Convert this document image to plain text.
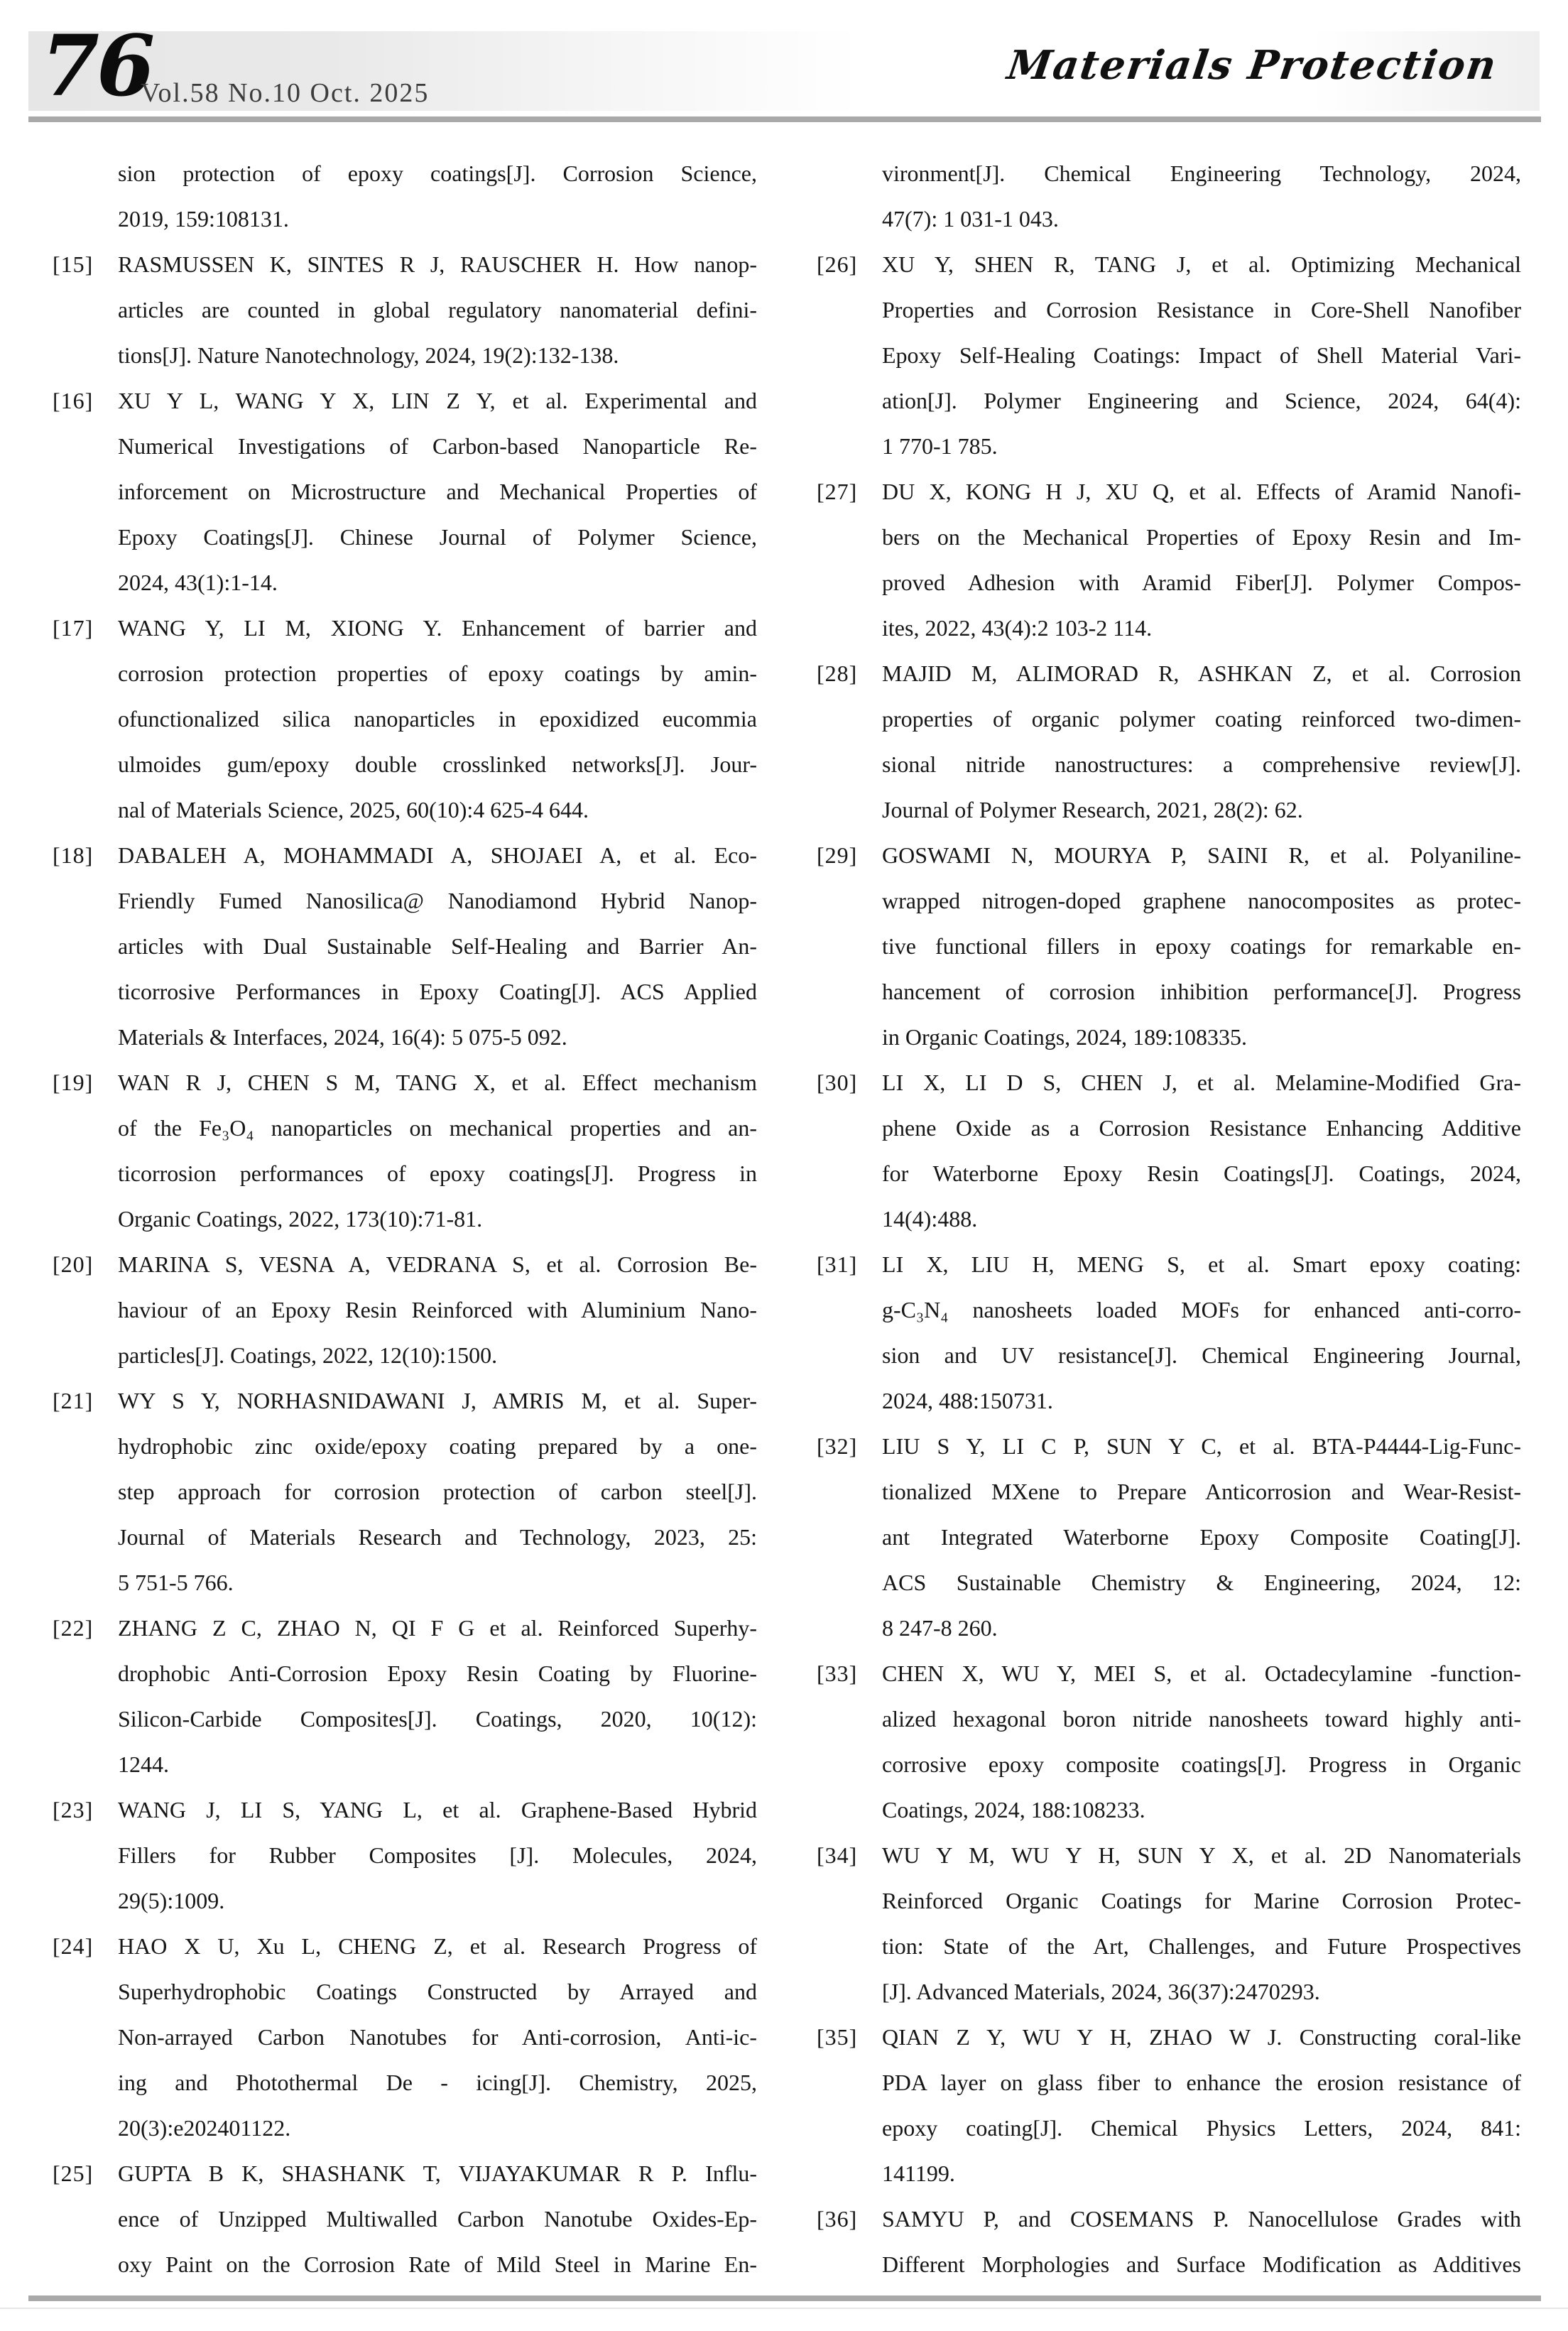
76
Vol.58 No.10 Oct. 2025
Materials Protection
sion protection of epoxy coatings[J]. Corrosion Science,
2019, 159:108131.
[15]	RASMUSSEN K, SINTES R J, RAUSCHER H. How nanop-
articles are counted in global regulatory nanomaterial defini-
tions[J]. Nature Nanotechnology, 2024, 19(2):132-138.
[16]	XU Y L, WANG Y X, LIN Z Y, et al. Experimental and
Numerical Investigations of Carbon-based Nanoparticle Re-
inforcement on Microstructure and Mechanical Properties of
Epoxy Coatings[J]. Chinese Journal of Polymer Science,
2024, 43(1):1-14.
[17]	WANG Y, LI M, XIONG Y. Enhancement of barrier and
corrosion protection properties of epoxy coatings by amin-
ofunctionalized silica nanoparticles in epoxidized eucommia
ulmoides gum/epoxy double crosslinked networks[J]. Jour-
nal of Materials Science, 2025, 60(10):4 625-4 644.
[18]	DABALEH A, MOHAMMADI A, SHOJAEI A, et al. Eco-
Friendly Fumed Nanosilica@ Nanodiamond Hybrid Nanop-
articles with Dual Sustainable Self-Healing and Barrier An-
ticorrosive Performances in Epoxy Coating[J]. ACS Applied
Materials & Interfaces, 2024, 16(4): 5 075-5 092.
[19]	WAN R J, CHEN S M, TANG X, et al. Effect mechanism
of the Fe₃O₄ nanoparticles on mechanical properties and an-
ticorrosion performances of epoxy coatings[J]. Progress in
Organic Coatings, 2022, 173(10):71-81.
[20]	MARINA S, VESNA A, VEDRANA S, et al. Corrosion Be-
haviour of an Epoxy Resin Reinforced with Aluminium Nano-
particles[J]. Coatings, 2022, 12(10):1500.
[21]	WY S Y, NORHASNIDAWANI J, AMRIS M, et al. Super-
hydrophobic zinc oxide/epoxy coating prepared by a one-
step approach for corrosion protection of carbon steel[J].
Journal of Materials Research and Technology, 2023, 25:
5 751-5 766.
[22]	ZHANG Z C, ZHAO N, QI F G et al. Reinforced Superhy-
drophobic Anti-Corrosion Epoxy Resin Coating by Fluorine-
Silicon-Carbide Composites[J]. Coatings, 2020, 10(12):
1244.
[23]	WANG J, LI S, YANG L, et al. Graphene-Based Hybrid
Fillers for Rubber Composites [J]. Molecules, 2024,
29(5):1009.
[24]	HAO X U, Xu L, CHENG Z, et al. Research Progress of
Superhydrophobic Coatings Constructed by Arrayed and
Non-arrayed Carbon Nanotubes for Anti-corrosion, Anti-ic-
ing and Photothermal De - icing[J]. Chemistry, 2025,
20(3):e202401122.
[25]	GUPTA B K, SHASHANK T, VIJAYAKUMAR R P. Influ-
ence of Unzipped Multiwalled Carbon Nanotube Oxides-Ep-
oxy Paint on the Corrosion Rate of Mild Steel in Marine En-
vironment[J]. Chemical Engineering Technology, 2024,
47(7): 1 031-1 043.
[26]	XU Y, SHEN R, TANG J, et al. Optimizing Mechanical
Properties and Corrosion Resistance in Core-Shell Nanofiber
Epoxy Self-Healing Coatings: Impact of Shell Material Vari-
ation[J]. Polymer Engineering and Science, 2024, 64(4):
1 770-1 785.
[27]	DU X, KONG H J, XU Q, et al. Effects of Aramid Nanofi-
bers on the Mechanical Properties of Epoxy Resin and Im-
proved Adhesion with Aramid Fiber[J]. Polymer Compos-
ites, 2022, 43(4):2 103-2 114.
[28]	MAJID M, ALIMORAD R, ASHKAN Z, et al. Corrosion
properties of organic polymer coating reinforced two-dimen-
sional nitride nanostructures: a comprehensive review[J].
Journal of Polymer Research, 2021, 28(2): 62.
[29]	GOSWAMI N, MOURYA P, SAINI R, et al. Polyaniline-
wrapped nitrogen-doped graphene nanocomposites as protec-
tive functional fillers in epoxy coatings for remarkable en-
hancement of corrosion inhibition performance[J]. Progress
in Organic Coatings, 2024, 189:108335.
[30]	LI X, LI D S, CHEN J, et al. Melamine-Modified Gra-
phene Oxide as a Corrosion Resistance Enhancing Additive
for Waterborne Epoxy Resin Coatings[J]. Coatings, 2024,
14(4):488.
[31]	LI X, LIU H, MENG S, et al. Smart epoxy coating:
g-C₃N₄ nanosheets loaded MOFs for enhanced anti-corro-
sion and UV resistance[J]. Chemical Engineering Journal,
2024, 488:150731.
[32]	LIU S Y, LI C P, SUN Y C, et al. BTA-P4444-Lig-Func-
tionalized MXene to Prepare Anticorrosion and Wear-Resist-
ant Integrated Waterborne Epoxy Composite Coating[J].
ACS Sustainable Chemistry & Engineering, 2024, 12:
8 247-8 260.
[33]	CHEN X, WU Y, MEI S, et al. Octadecylamine -function-
alized hexagonal boron nitride nanosheets toward highly anti-
corrosive epoxy composite coatings[J]. Progress in Organic
Coatings, 2024, 188:108233.
[34]	WU Y M, WU Y H, SUN Y X, et al. 2D Nanomaterials
Reinforced Organic Coatings for Marine Corrosion Protec-
tion: State of the Art, Challenges, and Future Prospectives
[J]. Advanced Materials, 2024, 36(37):2470293.
[35]	QIAN Z Y, WU Y H, ZHAO W J. Constructing coral-like
PDA layer on glass fiber to enhance the erosion resistance of
epoxy coating[J]. Chemical Physics Letters, 2024, 841:
141199.
[36]	SAMYU P, and COSEMANS P. Nanocellulose Grades with
Different Morphologies and Surface Modification as Additives
